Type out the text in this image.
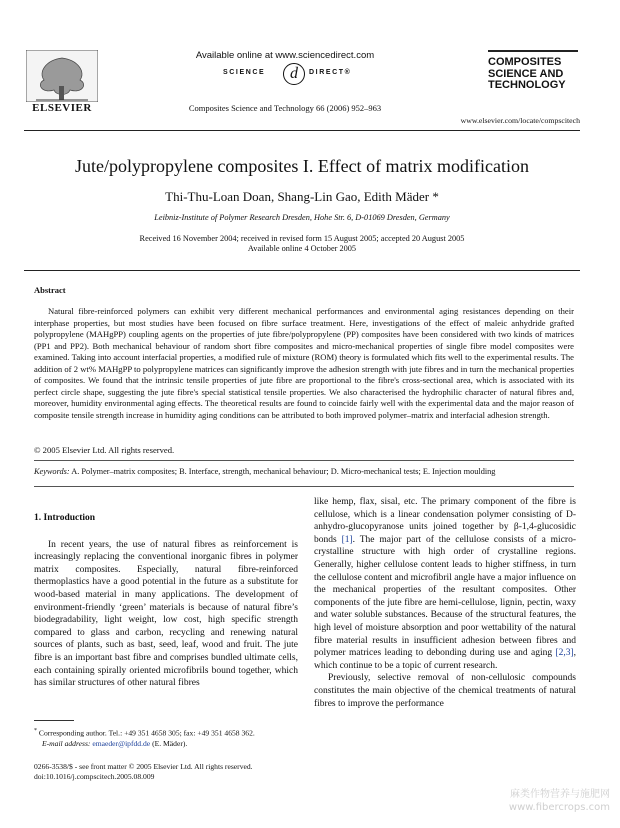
ELSEVIER
Available online at www.sciencedirect.com
SCIENCE	d	DIRECT®
Composites Science and Technology 66 (2006) 952–963
COMPOSITES
SCIENCE AND
TECHNOLOGY
www.elsevier.com/locate/compscitech
Jute/polypropylene composites I. Effect of matrix modification
Thi-Thu-Loan Doan, Shang-Lin Gao, Edith Mäder *
Leibniz-Institute of Polymer Research Dresden, Hohe Str. 6, D-01069 Dresden, Germany
Received 16 November 2004; received in revised form 15 August 2005; accepted 20 August 2005
Available online 4 October 2005
Abstract
Natural fibre-reinforced polymers can exhibit very different mechanical performances and environmental aging resistances depending on their interphase properties, but most studies have been focused on fibre surface treatment. Here, investigations of the effect of maleic anhydride grafted polypropylene (MAHgPP) coupling agents on the properties of jute fibre/polypropylene (PP) composites have been considered with two kinds of matrices (PP1 and PP2). Both mechanical behaviour of random short fibre composites and micro-mechanical properties of single fibre model composites were examined. Taking into account interfacial properties, a modified rule of mixture (ROM) theory is formulated which fits well to the experimental results. The addition of 2 wt% MAHgPP to polypropylene matrices can significantly improve the adhesion strength with jute fibres and in turn the mechanical properties of composites. We found that the intrinsic tensile properties of jute fibre are proportional to the fibre's cross-sectional area, which is associated with its perfect circle shape, suggesting the jute fibre's special statistical tensile properties. We also characterised the hydrophilic character of natural fibres and, moreover, humidity environmental aging effects. The theoretical results are found to coincide fairly well with the experimental data and the major reason of composite tensile strength increase in humidity aging conditions can be attributed to both improved polymer–matrix and interfacial adhesion strength.
© 2005 Elsevier Ltd. All rights reserved.
Keywords: A. Polymer–matrix composites; B. Interface, strength, mechanical behaviour; D. Micro-mechanical tests; E. Injection moulding

1. Introduction

In recent years, the use of natural fibres as reinforcement is increasingly replacing the conventional inorganic fibres in polymer matrix composites. Especially, natural fibre-reinforced thermoplastics have a good potential in the future as a substitute for wood-based material in many applications. The development of environment-friendly ‘green’ materials is because of natural fibre’s biodegradability, light weight, low cost, high specific strength compared to glass and carbon, recycling and renewing natural sources of plants, such as bast, seed, leaf, wood and fruit. The jute fibre is an important bast fibre and comprises bundled ultimate cells, each containing spirally oriented microfibrils bound together, which has similar structures of other natural fibres

like hemp, flax, sisal, etc. The primary component of the fibre is cellulose, which is a linear condensation polymer consisting of D-anhydro-glucopyranose units joined together by β-1,4-glucosidic bonds [1]. The major part of the cellulose consists of a micro-crystalline structure with high order of crystalline regions. Generally, higher cellulose content leads to higher stiffness, in turn the cellulose content and microfibril angle have a major influence on the mechanical properties of the resultant composites. Other components of the jute fibre are hemi-cellulose, lignin, pectin, waxy and water soluble substances. Because of the structural features, the high level of moisture absorption and poor wettability of the natural fibre material results in insufficient adhesion between fibres and polymer matrices leading to debonding during use and aging [2,3], which continue to be a topic of current research.

Previously, selective removal of non-cellulosic compounds constitutes the main objective of the chemical treatments of natural fibres to improve the performance

* Corresponding author. Tel.: +49 351 4658 305; fax: +49 351 4658 362.
E-mail address: emaeder@ipfdd.de (E. Mäder).
0266-3538/$ - see front matter © 2005 Elsevier Ltd. All rights reserved.
doi:10.1016/j.compscitech.2005.08.009
麻类作物营养与施肥网
www.fibercrops.com
